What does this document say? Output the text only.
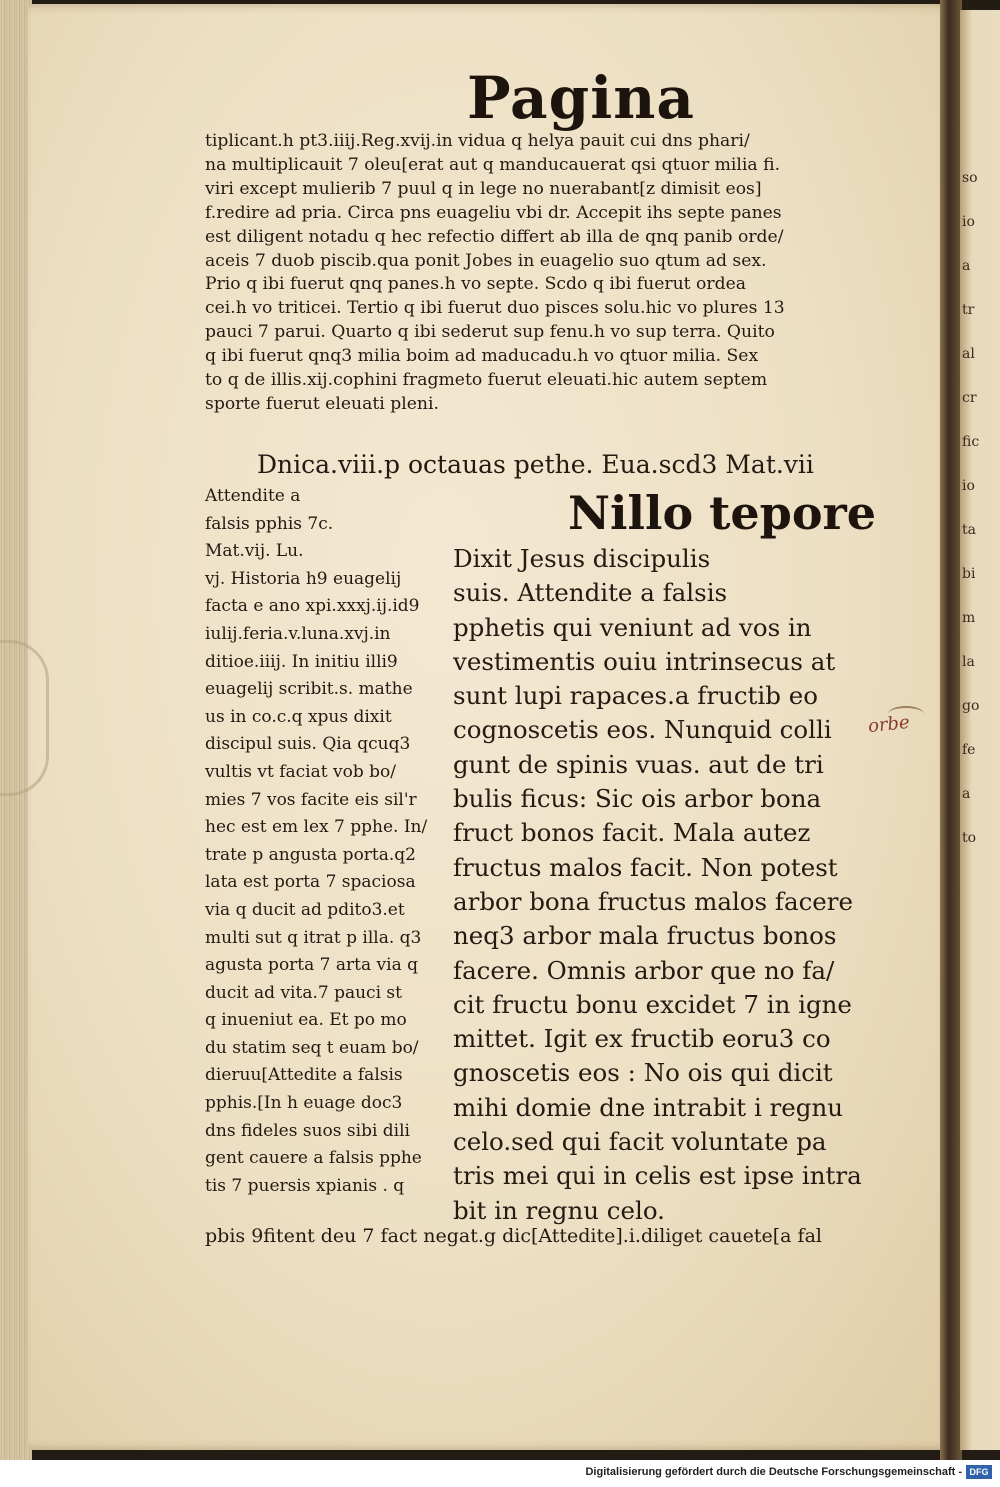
so
io
a
tr
al
cr
fic
io
ta
bi
m
la
go
fe
a
to
Pagina
tiplicant.h pt3.iiij.Reg.xvij.in vidua q helya pauit cui dns phari/
na multiplicauit 7 oleu[erat aut q manducauerat qsi qtuor milia fi.
viri except mulierib 7 puul q in lege no nuerabant[z dimisit eos]
f.redire ad pria. Circa pns euageliu vbi dr. Accepit ihs septe panes
est diligent notadu q hec refectio differt ab illa de qnq panib orde/
aceis 7 duob piscib.qua ponit Jobes in euagelio suo qtum ad sex.
Prio q ibi fuerut qnq panes.h vo septe. Scdo q ibi fuerut ordea
cei.h vo triticei. Tertio q ibi fuerut duo pisces solu.hic vo plures 13
pauci 7 parui. Quarto q ibi sederut sup fenu.h vo sup terra. Quito
q ibi fuerut qnq3 milia boim ad maducadu.h vo qtuor milia. Sex
to q de illis.xij.cophini fragmeto fuerut eleuati.hic autem septem
sporte fuerut eleuati pleni.
Dnica.viii.p octauas pethe. Eua.scd3 Mat.vii
Attendite a
falsis pphis 7c.
Mat.vij. Lu.
vj. Historia h9 euagelij
facta e ano xpi.xxxj.ij.id9
iulij.feria.v.luna.xvj.in
ditioe.iiij. In initiu illi9
euagelij scribit.s. mathe
us in co.c.q xpus dixit
discipul suis. Qia qcuq3
vultis vt faciat vob bo/
mies 7 vos facite eis sil'r
hec est em lex 7 pphe. In/
trate p angusta porta.q2
lata est porta 7 spaciosa
via q ducit ad pdito3.et
multi sut q itrat p illa. q3
agusta porta 7 arta via q
ducit ad vita.7 pauci st
q inueniut ea. Et po mo
du statim seq t euam bo/
dieruu[Attedite a falsis
pphis.[In h euage doc3
dns fideles suos sibi dili
gent cauere a falsis pphe
tis 7 puersis xpianis . q
Nillo tepore
Dixit Jesus discipulis
suis. Attendite a falsis
pphetis qui veniunt ad vos in
vestimentis ouiu intrinsecus at
sunt lupi rapaces.a fructib eo
cognoscetis eos. Nunquid colli
gunt de spinis vuas. aut de tri
bulis ficus: Sic ois arbor bona
fruct bonos facit. Mala autez
fructus malos facit. Non potest
arbor bona fructus malos facere
neq3 arbor mala fructus bonos
facere. Omnis arbor que no fa/
cit fructu bonu excidet 7 in igne
mittet. Igit ex fructib eoru3 co
gnoscetis eos : No ois qui dicit
mihi domie dne intrabit i regnu
celo.sed qui facit voluntate pa
tris mei qui in celis est ipse intra
bit in regnu celo.
orbe
pbis 9fitent deu 7 fact negat.g dic[Attedite].i.diliget cauete[a fal
Digitalisierung gefördert durch die Deutsche Forschungsgemeinschaft - DFG
